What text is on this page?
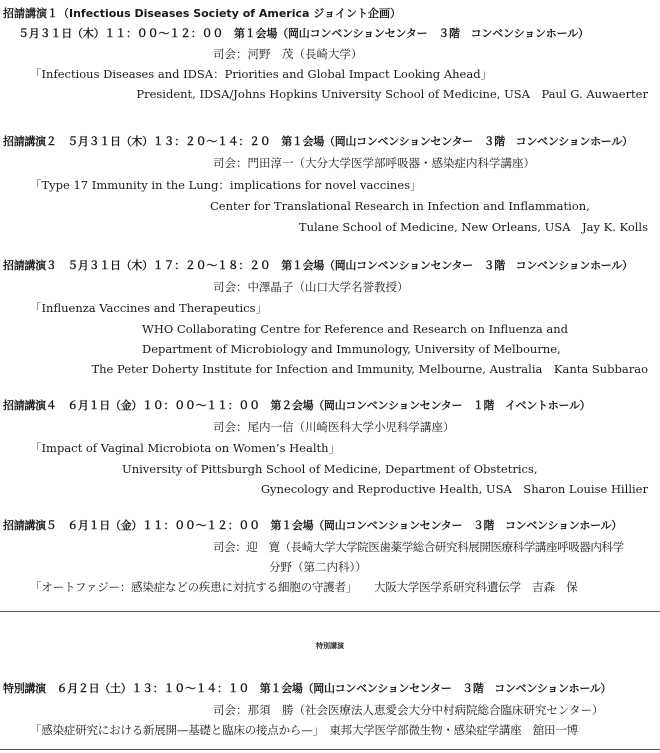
招請講演１（Infectious Diseases Society of America ジョイント企画）
５月３１日（木）１１：００〜１２：００　第１会場（岡山コンベンションセンター　３階　コンベンションホール）
司会：河野　茂（長崎大学）
「Infectious Diseases and IDSA：Priorities and Global Impact Looking Ahead」
President, IDSA/Johns Hopkins University School of Medicine, USA　Paul G. Auwaerter
招請講演２　５月３１日（木）１３：２０〜１４：２０　第１会場（岡山コンベンションセンター　３階　コンベンションホール）
司会：門田淳一（大分大学医学部呼吸器・感染症内科学講座）
「Type 17 Immunity in the Lung：implications for novel vaccines」
Center for Translational Research in Infection and Inflammation,
Tulane School of Medicine, New Orleans, USA　Jay K. Kolls
招請講演３　５月３１日（木）１７：２０〜１８：２０　第１会場（岡山コンベンションセンター　３階　コンベンションホール）
司会：中澤晶子（山口大学名誉教授）
「Influenza Vaccines and Therapeutics」
WHO Collaborating Centre for Reference and Research on Influenza and
Department of Microbiology and Immunology, University of Melbourne,
The Peter Doherty Institute for Infection and Immunity, Melbourne, Australia　Kanta Subbarao
招請講演４　６月１日（金）１０：００〜１１：００　第２会場（岡山コンベンションセンター　１階　イベントホール）
司会：尾内一信（川崎医科大学小児科学講座）
「Impact of Vaginal Microbiota on Women’s Health」
University of Pittsburgh School of Medicine, Department of Obstetrics,
Gynecology and Reproductive Health, USA　Sharon Louise Hillier
招請講演５　６月１日（金）１１：００〜１２：００　第１会場（岡山コンベンションセンター　３階　コンベンションホール）
司会：迎　寛（長崎大学大学院医歯薬学総合研究科展開医療科学講座呼吸器内科学
分野（第二内科））
「オートファジー：感染症などの疾患に対抗する細胞の守護者」　　大阪大学医学系研究科遺伝学　吉森　保
特別講演
特別講演　６月２日（土）１３：１０〜１４：１０　第１会場（岡山コンベンションセンター　３階　コンベンションホール）
司会：那須　勝（社会医療法人恵愛会大分中村病院総合臨床研究センター）
「感染症研究における新展開—基礎と臨床の接点から—」　東邦大学医学部微生物・感染症学講座　舘田一博
